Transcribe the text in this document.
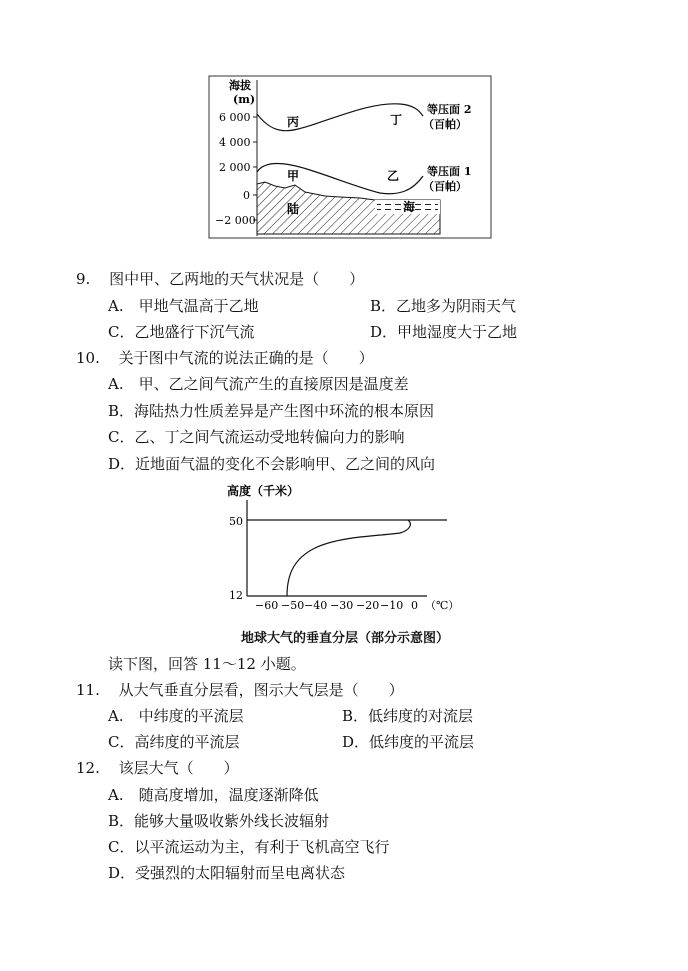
海拔
(m)
6 000
4 000
2 000
0
−2 000
丙	丁
甲	乙
陆	海
等压面 2
（百帕）
等压面 1
（百帕）
9. 图中甲、乙两地的天气状况是（　　）
A.　甲地气温高于乙地	B．乙地多为阴雨天气
C．乙地盛行下沉气流	D．甲地湿度大于乙地
10. 关于图中气流的说法正确的是（　　）
A.　甲、乙之间气流产生的直接原因是温度差
B．海陆热力性质差异是产生图中环流的根本原因
C．乙、丁之间气流运动受地转偏向力的影响
D．近地面气温的变化不会影响甲、乙之间的风向
高度（千米）
50
12
−60 −50 −40 −30 −20 −10 0 （℃）
地球大气的垂直分层（部分示意图）
读下图，回答 11～12 小题。
11. 从大气垂直分层看，图示大气层是（　　）
A.　中纬度的平流层	B．低纬度的对流层
C．高纬度的平流层	D．低纬度的平流层
12. 该层大气（　　）
A.　随高度增加，温度逐渐降低
B．能够大量吸收紫外线长波辐射
C．以平流运动为主，有利于飞机高空飞行
D．受强烈的太阳辐射而呈电离状态
